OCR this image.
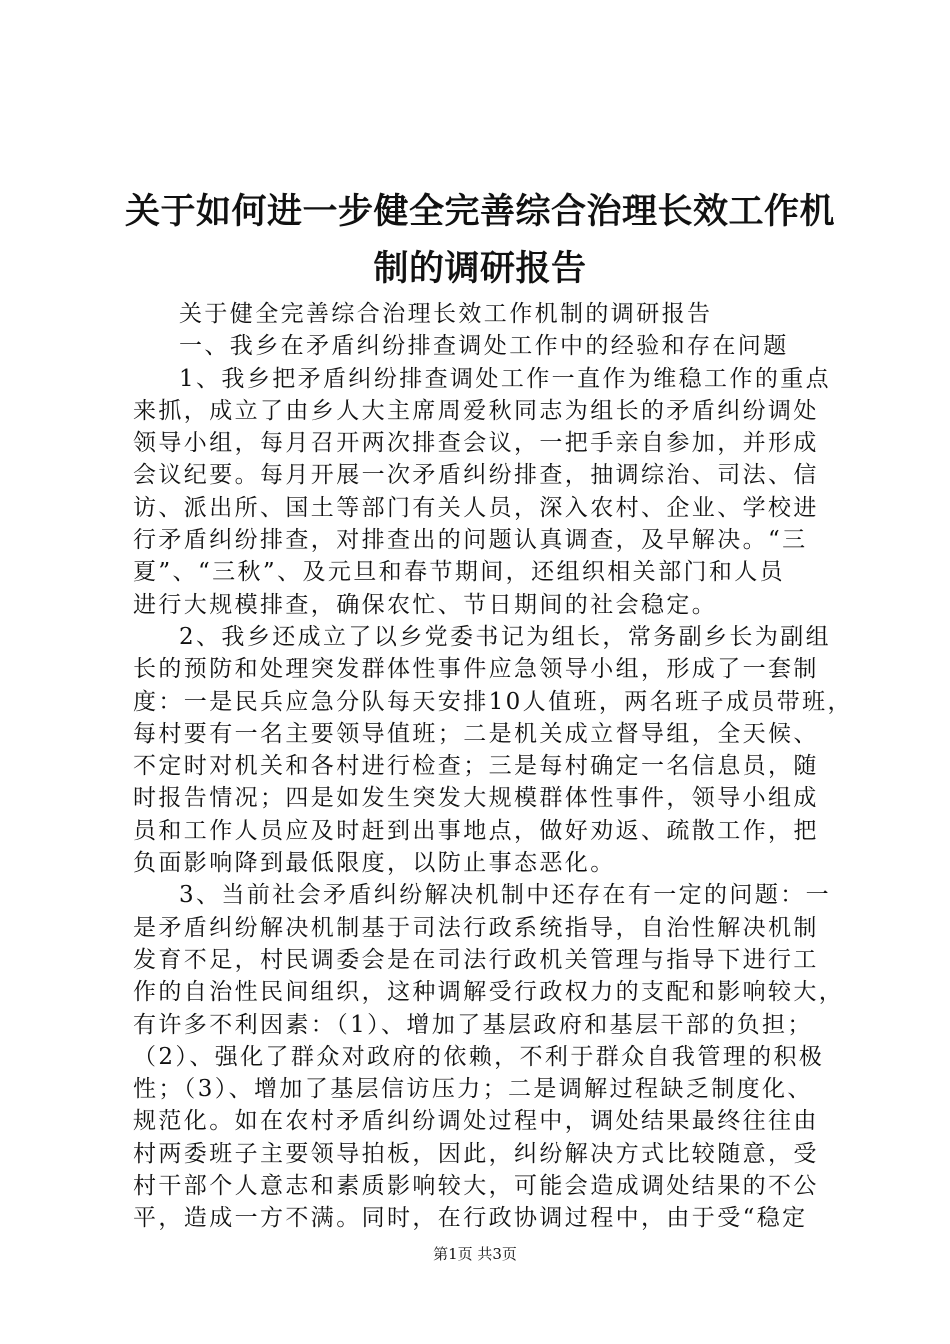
关于如何进一步健全完善综合治理长效工作机
制的调研报告
关于健全完善综合治理长效工作机制的调研报告
一、我乡在矛盾纠纷排查调处工作中的经验和存在问题
1、我乡把矛盾纠纷排查调处工作一直作为维稳工作的重点
来抓，成立了由乡人大主席周爱秋同志为组长的矛盾纠纷调处
领导小组，每月召开两次排查会议，一把手亲自参加，并形成
会议纪要。每月开展一次矛盾纠纷排查，抽调综治、司法、信
访、派出所、国土等部门有关人员，深入农村、企业、学校进
行矛盾纠纷排查，对排查出的问题认真调查，及早解决。“三
夏”、“三秋”、及元旦和春节期间，还组织相关部门和人员
进行大规模排查，确保农忙、节日期间的社会稳定。
2、我乡还成立了以乡党委书记为组长，常务副乡长为副组
长的预防和处理突发群体性事件应急领导小组，形成了一套制
度：一是民兵应急分队每天安排10人值班，两名班子成员带班，
每村要有一名主要领导值班；二是机关成立督导组，全天候、
不定时对机关和各村进行检查；三是每村确定一名信息员，随
时报告情况；四是如发生突发大规模群体性事件，领导小组成
员和工作人员应及时赶到出事地点，做好劝返、疏散工作，把
负面影响降到最低限度，以防止事态恶化。
3、当前社会矛盾纠纷解决机制中还存在有一定的问题：一
是矛盾纠纷解决机制基于司法行政系统指导，自治性解决机制
发育不足，村民调委会是在司法行政机关管理与指导下进行工
作的自治性民间组织，这种调解受行政权力的支配和影响较大，
有许多不利因素：（1）、增加了基层政府和基层干部的负担；
（2）、强化了群众对政府的依赖，不利于群众自我管理的积极
性；（3）、增加了基层信访压力；二是调解过程缺乏制度化、
规范化。如在农村矛盾纠纷调处过程中，调处结果最终往往由
村两委班子主要领导拍板，因此，纠纷解决方式比较随意，受
村干部个人意志和素质影响较大，可能会造成调处结果的不公
平，造成一方不满。同时，在行政协调过程中，由于受“稳定
第1页 共3页
